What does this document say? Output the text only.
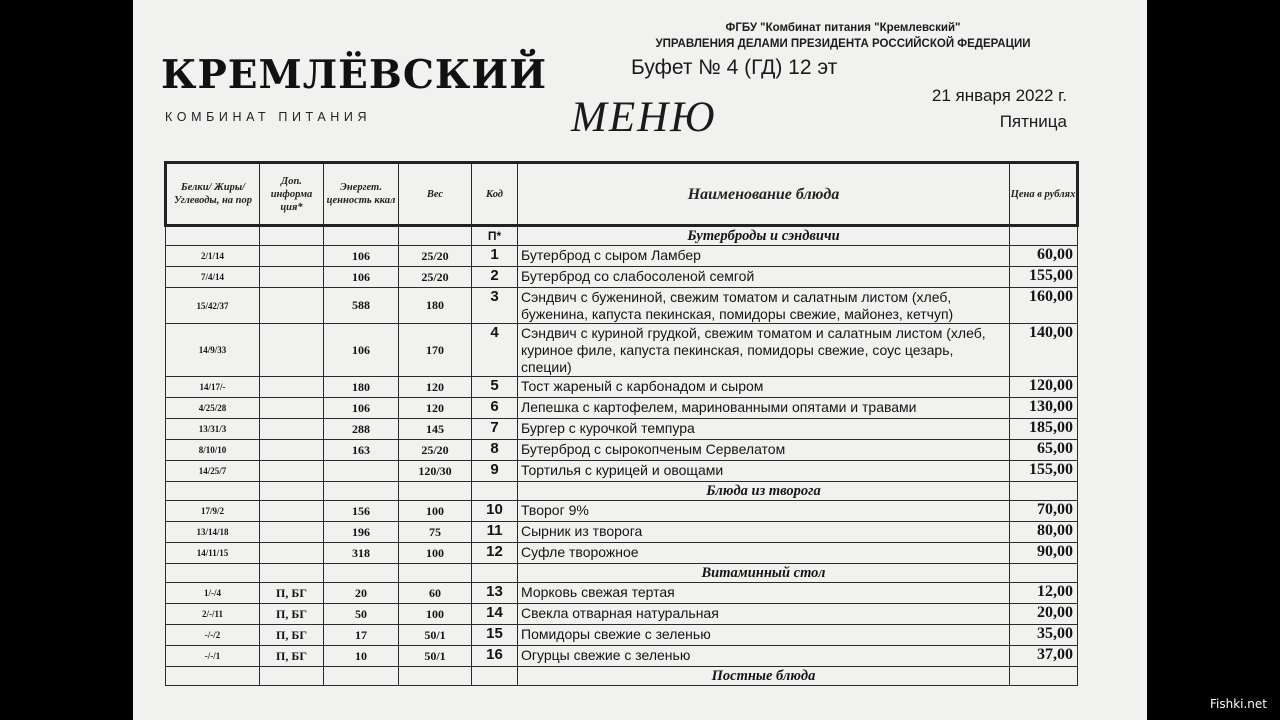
ФГБУ "Комбинат питания "Кремлевский"
УПРАВЛЕНИЯ ДЕЛАМИ ПРЕЗИДЕНТА РОССИЙСКОЙ ФЕДЕРАЦИИ
КРЕМЛЁВСКИЙ
КОМБИНАТ ПИТАНИЯ
Буфет № 4 (ГД) 12 эт
МЕНЮ	21 января 2022 г.
Пятница
Белки/ Жиры/ Углеводы, на пор	Доп. информа ция*	Энергет. ценность ккал	Вес	Код	Наименование блюда	Цена в рублях
				П*	Бутерброды и сэндвичи	
2/1/14		106	25/20	1	Бутерброд с сыром Ламбер	60,00
7/4/14		106	25/20	2	Бутерброд со слабосоленой семгой	155,00
15/42/37		588	180	3	Сэндвич с бужениной, свежим томатом и салатным листом (хлеб, буженина, капуста пекинская, помидоры свежие, майонез, кетчуп)	160,00
14/9/33		106	170	4	Сэндвич с куриной грудкой, свежим томатом и салатным листом (хлеб, куриное филе, капуста пекинская, помидоры свежие, соус цезарь, специи)	140,00
14/17/-		180	120	5	Тост жареный с карбонадом и сыром	120,00
4/25/28		106	120	6	Лепешка с картофелем, маринованными опятами и травами	130,00
13/31/3		288	145	7	Бургер с курочкой темпура	185,00
8/10/10		163	25/20	8	Бутерброд с сырокопченым Сервелатом	65,00
14/25/7			120/30	9	Тортилья с курицей и овощами	155,00
					Блюда из творога	
17/9/2		156	100	10	Творог 9%	70,00
13/14/18		196	75	11	Сырник из творога	80,00
14/11/15		318	100	12	Суфле творожное	90,00
					Витаминный стол	
1/-/4	П, БГ	20	60	13	Морковь свежая тертая	12,00
2/-/11	П, БГ	50	100	14	Свекла отварная натуральная	20,00
-/-/2	П, БГ	17	50/1	15	Помидоры свежие с зеленью	35,00
-/-/1	П, БГ	10	50/1	16	Огурцы свежие с зеленью	37,00
					Постные блюда	
Fishki.net
